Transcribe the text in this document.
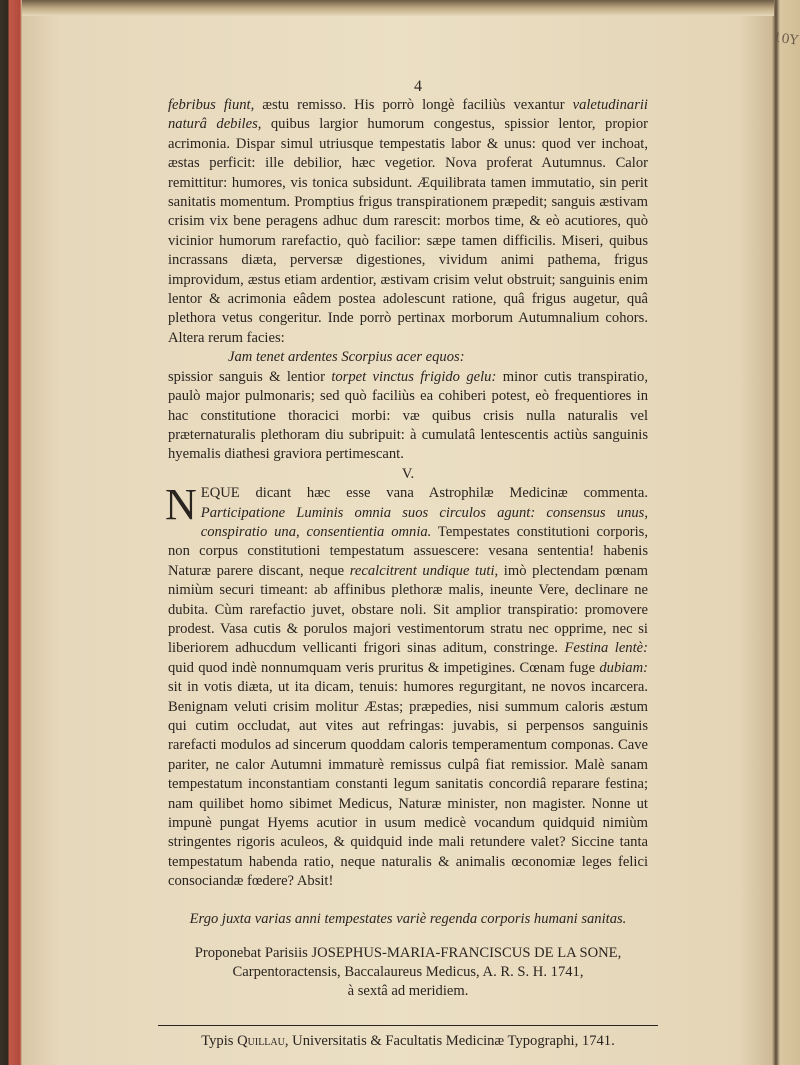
10Y
4

febribus fiunt, æstu remisso. His porrò longè faciliùs vexantur valetudinarii naturâ debiles, quibus largior humorum congestus, spissior lentor, propior acrimonia. Dispar simul utriusque tempestatis labor & unus: quod ver inchoat, æstas perficit: ille debilior, hæc vegetior. Nova proferat Autumnus. Calor remittitur: humores, vis tonica subsidunt. Æquilibrata tamen immutatio, sin perit sanitatis momentum. Promptius frigus transpirationem præpedit; sanguis æstivam crisim vix bene peragens adhuc dum rarescit: morbos time, & eò acutiores, quò vicinior humorum rarefactio, quò facilior: sæpe tamen difficilis. Miseri, quibus incrassans diæta, perversæ digestiones, vividum animi pathema, frigus improvidum, æstus etiam ardentior, æstivam crisim velut obstruit; sanguinis enim lentor & acrimonia eâdem postea adolescunt ratione, quâ frigus augetur, quâ plethora vetus congeritur. Inde porrò pertinax morborum Autumnalium cohors. Altera rerum facies:

Jam tenet ardentes Scorpius acer equos:

spissior sanguis & lentior torpet vinctus frigido gelu: minor cutis transpiratio, paulò major pulmonaris; sed quò faciliùs ea cohiberi potest, eò frequentiores in hac constitutione thoracici morbi: væ quibus crisis nulla naturalis vel præternaturalis plethoram diu subripuit: à cumulatâ lentescentis actiùs sanguinis hyemalis diathesi graviora pertimescant.

V.

NEQUE dicant hæc esse vana Astrophilæ Medicinæ commenta. Participatione Luminis omnia suos circulos agunt: consensus unus, conspiratio una, consentientia omnia. Tempestates constitutioni corporis, non corpus constitutioni tempestatum assuescere: vesana sententia! habenis Naturæ parere discant, neque recalcitrent undique tuti, imò plectendam pœnam nimiùm securi timeant: ab affinibus plethoræ malis, ineunte Vere, declinare ne dubita. Cùm rarefactio juvet, obstare noli. Sit amplior transpiratio: promovere prodest. Vasa cutis & porulos majori vestimentorum stratu nec opprime, nec si liberiorem adhucdum vellicanti frigori sinas aditum, constringe. Festina lentè: quid quod indè nonnumquam veris pruritus & impetigines. Cœnam fuge dubiam: sit in votis diæta, ut ita dicam, tenuis: humores regurgitant, ne novos incarcera. Benignam veluti crisim molitur Æstas; præpedies, nisi summum caloris æstum qui cutim occludat, aut vites aut refringas: juvabis, si perpensos sanguinis rarefacti modulos ad sincerum quoddam caloris temperamentum componas. Cave pariter, ne calor Autumni immaturè remissus culpâ fiat remissior. Malè sanam tempestatum inconstantiam constanti legum sanitatis concordiâ reparare festina; nam quilibet homo sibimet Medicus, Naturæ minister, non magister. Nonne ut impunè pungat Hyems acutior in usum medicè vocandum quidquid nimiùm stringentes rigoris aculeos, & quidquid inde mali retundere valet? Siccine tanta tempestatum habenda ratio, neque naturalis & animalis œconomiæ leges felici consociandæ fœdere? Absit!

Ergo juxta varias anni tempestates variè regenda corporis humani sanitas.

Proponebat Parisiis JOSEPHUS-MARIA-FRANCISCUS DE LA SONE,
Carpentoractensis, Baccalaureus Medicus, A. R. S. H. 1741,
à sextâ ad meridiem.
Typis Quillau, Universitatis & Facultatis Medicinæ Typographi, 1741.
